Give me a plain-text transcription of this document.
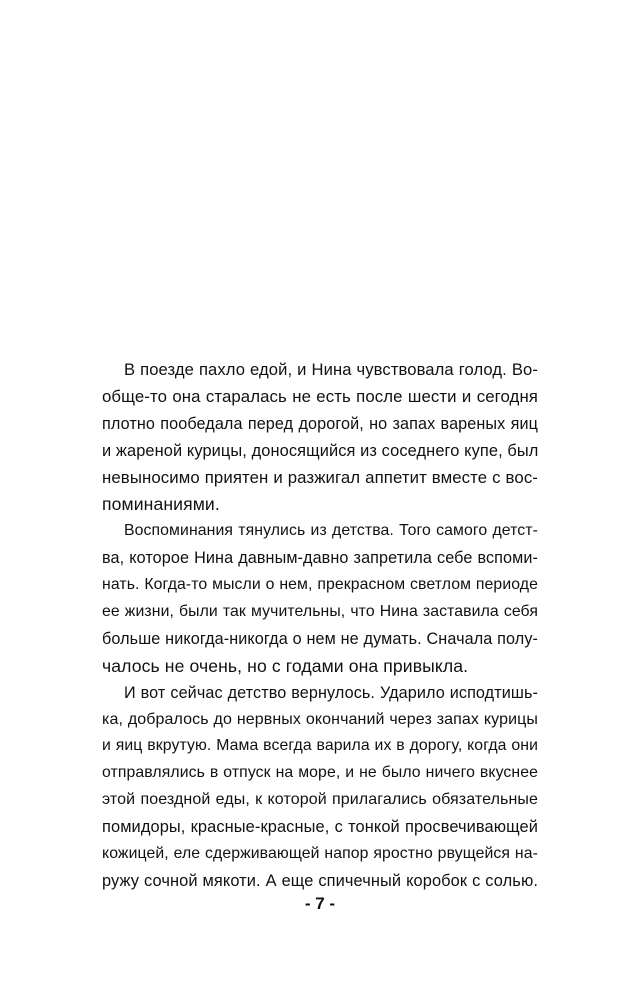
В поезде пахло едой, и Нина чувствовала голод. Во-
обще-то она старалась не есть после шести и сегодня
плотно пообедала перед дорогой, но запах вареных яиц
и жареной курицы, доносящийся из соседнего купе, был
невыносимо приятен и разжигал аппетит вместе с вос-
поминаниями.
Воспоминания тянулись из детства. Того самого детст-
ва, которое Нина давным-давно запретила себе вспоми-
нать. Когда-то мысли о нем, прекрасном светлом периоде
ее жизни, были так мучительны, что Нина заставила себя
больше никогда-никогда о нем не думать. Сначала полу-
чалось не очень, но с годами она привыкла.
И вот сейчас детство вернулось. Ударило исподтишь-
ка, добралось до нервных окончаний через запах курицы
и яиц вкрутую. Мама всегда варила их в дорогу, когда они
отправлялись в отпуск на море, и не было ничего вкуснее
этой поездной еды, к которой прилагались обязательные
помидоры, красные-красные, с тонкой просвечивающей
кожицей, еле сдерживающей напор яростно рвущейся на-
ружу сочной мякоти. А еще спичечный коробок с солью.
- 7 -
